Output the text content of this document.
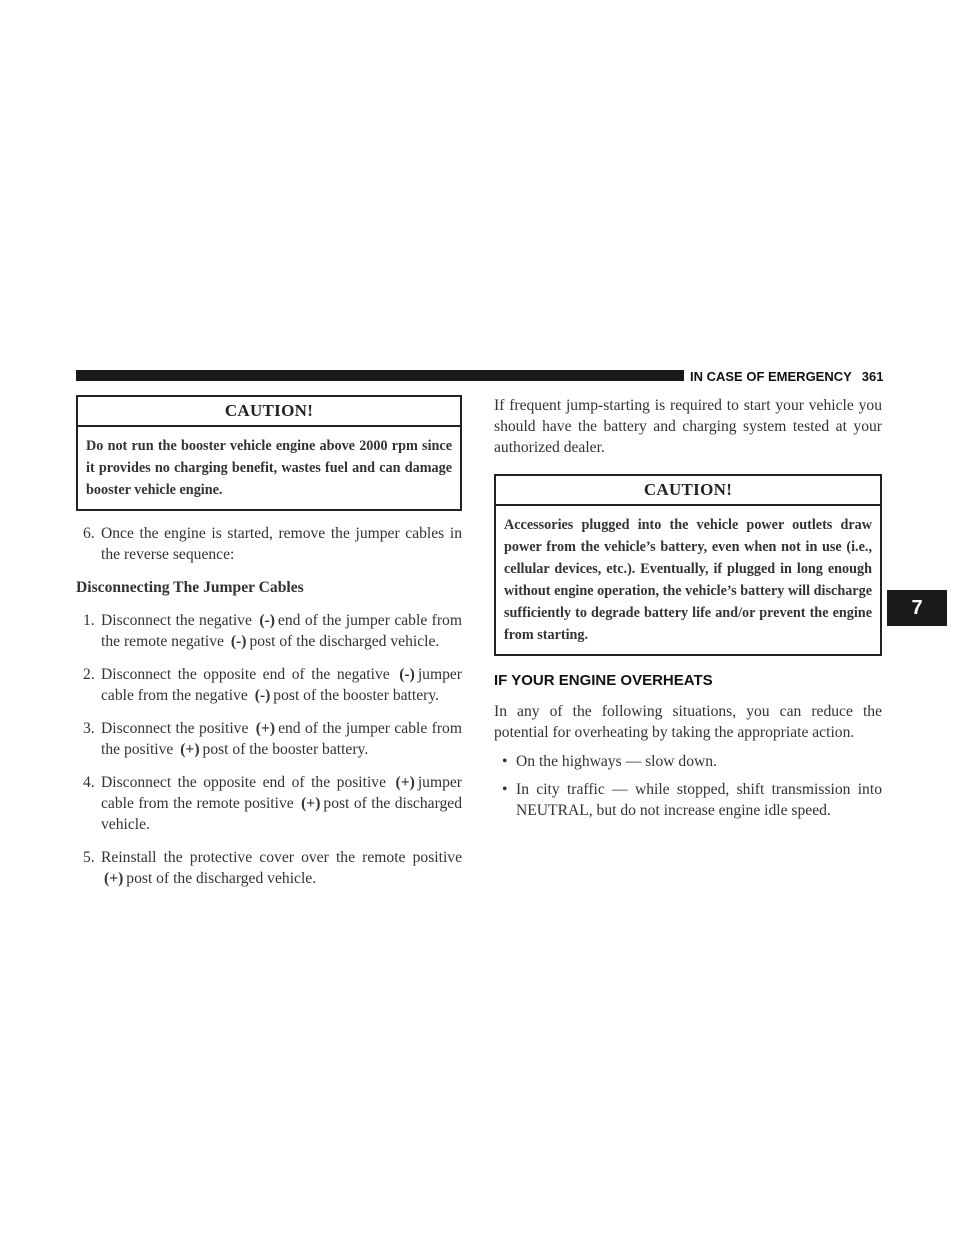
IN CASE OF EMERGENCY 361
7
CAUTION!
Do not run the booster vehicle engine above 2000 rpm since it provides no charging benefit, wastes fuel and can damage booster vehicle engine.

6. Once the engine is started, remove the jumper cables in the reverse sequence:

Disconnecting The Jumper Cables

1. Disconnect the negative (-) end of the jumper cable from the remote negative (-) post of the discharged vehicle.

2. Disconnect the opposite end of the negative (-) jumper cable from the negative (-) post of the booster battery.

3. Disconnect the positive (+) end of the jumper cable from the positive (+) post of the booster battery.

4. Disconnect the opposite end of the positive (+) jumper cable from the remote positive (+) post of the discharged vehicle.

5. Reinstall the protective cover over the remote positive (+) post of the discharged vehicle.

If frequent jump-starting is required to start your vehicle you should have the battery and charging system tested at your authorized dealer.

CAUTION!
Accessories plugged into the vehicle power outlets draw power from the vehicle’s battery, even when not in use (i.e., cellular devices, etc.). Eventually, if plugged in long enough without engine operation, the vehicle’s battery will discharge sufficiently to degrade battery life and/or prevent the engine from starting.
IF YOUR ENGINE OVERHEATS

In any of the following situations, you can reduce the potential for overheating by taking the appropriate action.

• On the highways — slow down.

• In city traffic — while stopped, shift transmission into NEUTRAL, but do not increase engine idle speed.
